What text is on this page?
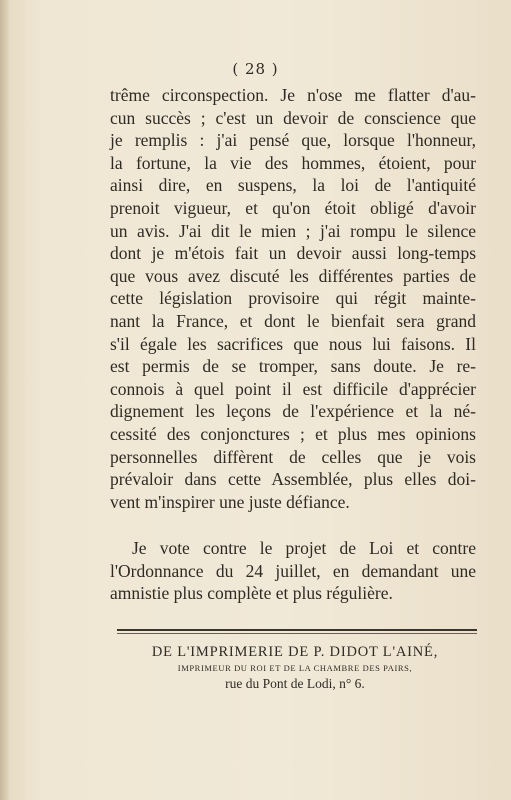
( 28 )
trême circonspection. Je n'ose me flatter d'au-
cun succès ; c'est un devoir de conscience que
je remplis : j'ai pensé que, lorsque l'honneur,
la fortune, la vie des hommes, étoient, pour
ainsi dire, en suspens, la loi de l'antiquité
prenoit vigueur, et qu'on étoit obligé d'avoir
un avis. J'ai dit le mien ; j'ai rompu le silence
dont je m'étois fait un devoir aussi long-temps
que vous avez discuté les différentes parties de
cette législation provisoire qui régit mainte-
nant la France, et dont le bienfait sera grand
s'il égale les sacrifices que nous lui faisons. Il
est permis de se tromper, sans doute. Je re-
connois à quel point il est difficile d'apprécier
dignement les leçons de l'expérience et la né-
cessité des conjonctures ; et plus mes opinions
personnelles diffèrent de celles que je vois
prévaloir dans cette Assemblée, plus elles doi-
vent m'inspirer une juste défiance.
Je vote contre le projet de Loi et contre
l'Ordonnance du 24 juillet, en demandant une
amnistie plus complète et plus régulière.
DE L'IMPRIMERIE DE P. DIDOT L'AINÉ,
IMPRIMEUR DU ROI ET DE LA CHAMBRE DES PAIRS,
rue du Pont de Lodi, n° 6.
